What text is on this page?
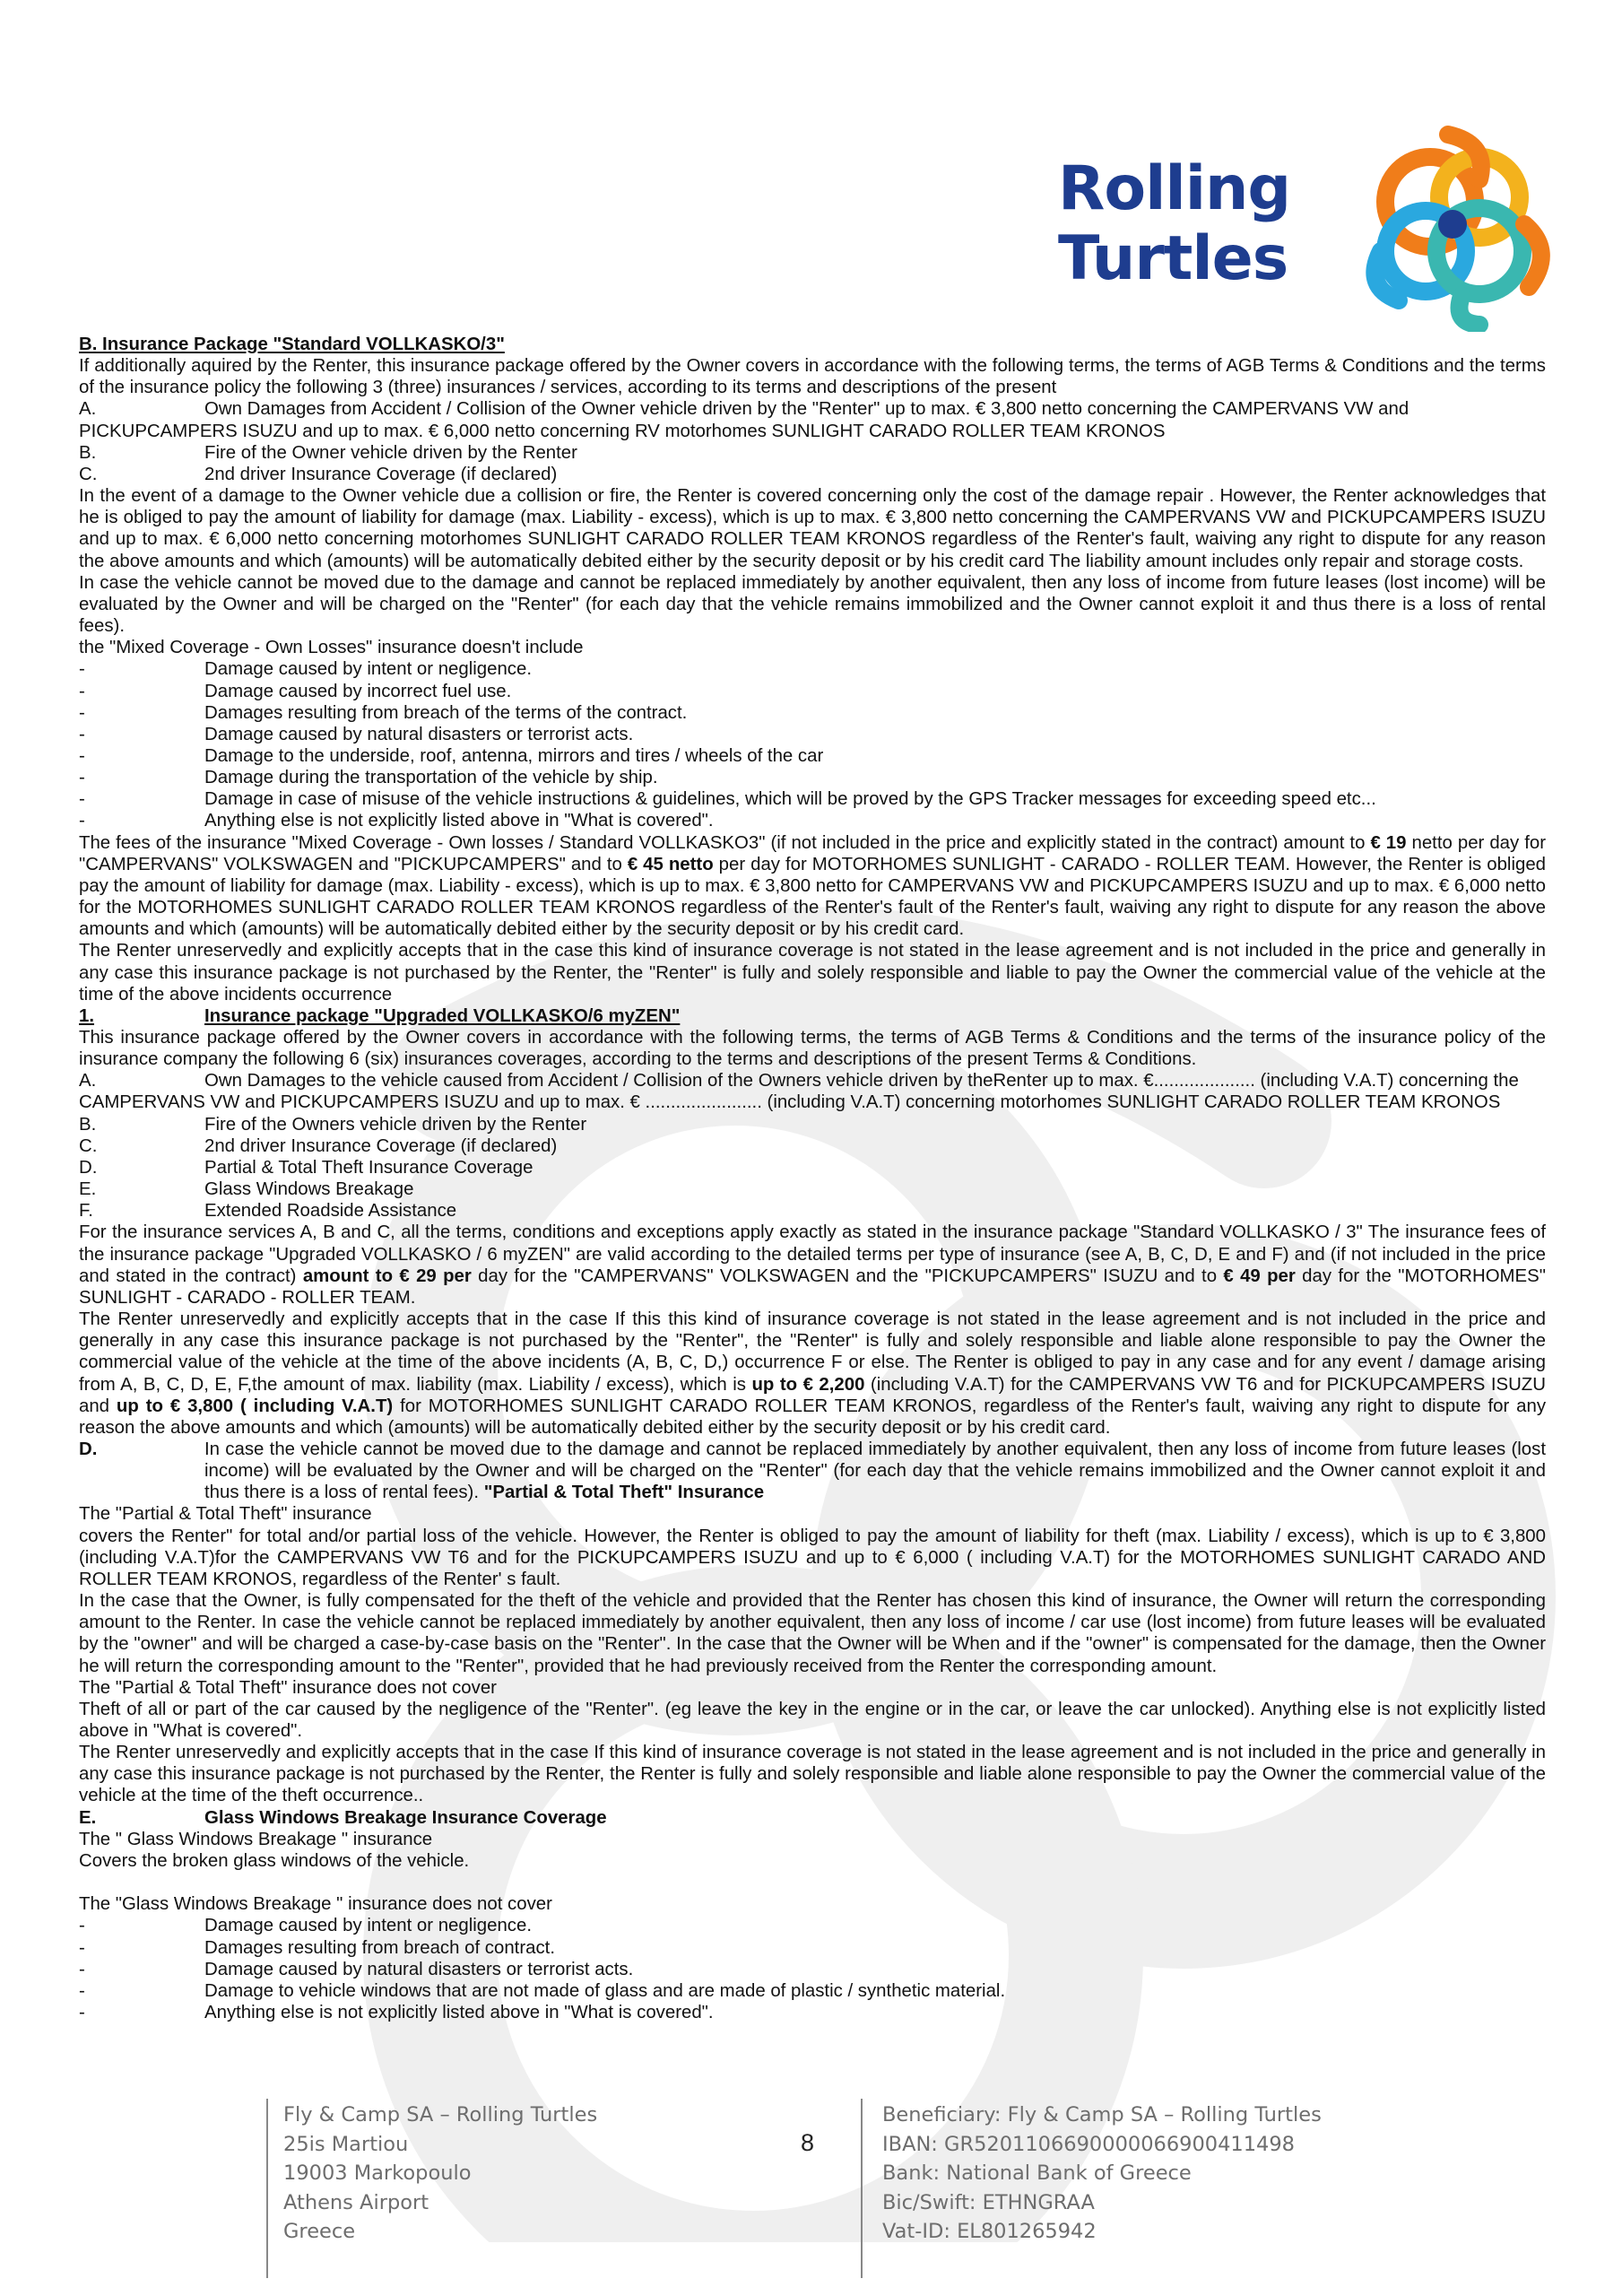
Rolling
Turtles

B. Insurance Package "Standard VOLLKASKO/3"

If additionally aquired by the Renter, this insurance package offered by the Owner covers in accordance with the following terms, the terms of AGB Terms & Conditions and the terms of the insurance policy the following 3 (three) insurances / services, according to its terms and descriptions of the present

A.	Own Damages from Accident / Collision of the Owner vehicle driven by the "Renter" up to max. € 3,800 netto concerning the CAMPERVANS VW and

PICKUPCAMPERS ISUZU and up to max. € 6,000 netto concerning RV motorhomes SUNLIGHT CARADO ROLLER TEAM KRONOS

B.	Fire of the Owner vehicle driven by the Renter
C.	2nd driver Insurance Coverage (if declared)

In the event of a damage to the Owner vehicle due a collision or fire, the Renter is covered concerning only the cost of the damage repair . However, the Renter acknowledges that he is obliged to pay the amount of liability for damage (max. Liability - excess), which is up to max. € 3,800 netto concerning the CAMPERVANS VW and PICKUPCAMPERS ISUZU and up to max. € 6,000 netto concerning motorhomes SUNLIGHT CARADO ROLLER TEAM KRONOS regardless of the Renter's fault, waiving any right to dispute for any reason the above amounts and which (amounts) will be automatically debited either by the security deposit or by his credit card The liability amount includes only repair and storage costs.

In case the vehicle cannot be moved due to the damage and cannot be replaced immediately by another equivalent, then any loss of income from future leases (lost income) will be evaluated by the Owner and will be charged on the "Renter" (for each day that the vehicle remains immobilized and the Owner cannot exploit it and thus there is a loss of rental fees).

the "Mixed Coverage - Own Losses" insurance doesn't include

-	Damage caused by intent or negligence.
-	Damage caused by incorrect fuel use.
-	Damages resulting from breach of the terms of the contract.
-	Damage caused by natural disasters or terrorist acts.
-	Damage to the underside, roof, antenna, mirrors and tires / wheels of the car
-	Damage during the transportation of the vehicle by ship.
-	Damage in case of misuse of the vehicle instructions & guidelines, which will be proved by the GPS Tracker messages for exceeding speed etc...
-	Anything else is not explicitly listed above in "What is covered".

The fees of the insurance "Mixed Coverage - Own losses / Standard VOLLKASKO3" (if not included in the price and explicitly stated in the contract) amount to € 19 netto per day for "CAMPERVANS" VOLKSWAGEN and "PICKUPCAMPERS" and to € 45 netto per day for MOTORHOMES SUNLIGHT - CARADO - ROLLER TEAM. However, the Renter is obliged pay the amount of liability for damage (max. Liability - excess), which is up to max. € 3,800 netto for CAMPERVANS VW and PICKUPCAMPERS ISUZU and up to max. € 6,000 netto for the MOTORHOMES SUNLIGHT CARADO ROLLER TEAM KRONOS regardless of the Renter's fault of the Renter's fault, waiving any right to dispute for any reason the above amounts and which (amounts) will be automatically debited either by the security deposit or by his credit card.

The Renter unreservedly and explicitly accepts that in the case this kind of insurance coverage is not stated in the lease agreement and is not included in the price and generally in any case this insurance package is not purchased by the Renter, the "Renter" is fully and solely responsible and liable to pay the Owner the commercial value of the vehicle at the time of the above incidents occurrence

1.	Insurance package "Upgraded VOLLKASKO/6 myZEN"

This insurance package offered by the Owner covers in accordance with the following terms, the terms of AGB Terms & Conditions and the terms of the insurance policy of the insurance company the following 6 (six) insurances coverages, according to the terms and descriptions of the present Terms & Conditions.

A.	Own Damages to the vehicle caused from Accident / Collision of the Owners vehicle driven by theRenter up to max. €.................... (including V.A.T) concerning the

CAMPERVANS VW and PICKUPCAMPERS ISUZU and up to max. € ....................... (including V.A.T) concerning motorhomes SUNLIGHT CARADO ROLLER TEAM KRONOS

B.	Fire of the Owners vehicle driven by the Renter
C.	2nd driver Insurance Coverage (if declared)
D.	Partial & Total Theft Insurance Coverage
E.	Glass Windows Breakage
F.	Extended Roadside Assistance

For the insurance services A, B and C, all the terms, conditions and exceptions apply exactly as stated in the insurance package "Standard VOLLKASKO / 3" The insurance fees of the insurance package "Upgraded VOLLKASKO / 6 myZEN" are valid according to the detailed terms per type of insurance (see A, B, C, D, E and F) and (if not included in the price and stated in the contract) amount to € 29 per day for the "CAMPERVANS" VOLKSWAGEN and the "PICKUPCAMPERS" ISUZU and to € 49 per day for the "MOTORHOMES" SUNLIGHT - CARADO - ROLLER TEAM.

The Renter unreservedly and explicitly accepts that in the case If this this kind of insurance coverage is not stated in the lease agreement and is not included in the price and generally in any case this insurance package is not purchased by the "Renter", the "Renter" is fully and solely responsible and liable alone responsible to pay the Owner the commercial value of the vehicle at the time of the above incidents (A, B, C, D,) occurrence F or else. The Renter is obliged to pay in any case and for any event / damage arising from A, B, C, D, E, F,the amount of max. liability (max. Liability / excess), which is up to € 2,200 (including V.A.T) for the CAMPERVANS VW T6 and for PICKUPCAMPERS ISUZU and up to € 3,800 ( including V.A.T) for MOTORHOMES SUNLIGHT CARADO ROLLER TEAM KRONOS, regardless of the Renter's fault, waiving any right to dispute for any reason the above amounts and which (amounts) will be automatically debited either by the security deposit or by his credit card.

D.	In case the vehicle cannot be moved due to the damage and cannot be replaced immediately by another equivalent, then any loss of income from future leases (lost income) will be evaluated by the Owner and will be charged on the "Renter" (for each day that the vehicle remains immobilized and the Owner cannot exploit it and thus there is a loss of rental fees). "Partial & Total Theft" Insurance

The "Partial & Total Theft" insurance

covers the Renter" for total and/or partial loss of the vehicle. However, the Renter is obliged to pay the amount of liability for theft (max. Liability / excess), which is up to € 3,800 (including V.A.T)for the CAMPERVANS VW T6 and for the PICKUPCAMPERS ISUZU and up to € 6,000 ( including V.A.T) for the MOTORHOMES SUNLIGHT CARADO AND ROLLER TEAM KRONOS, regardless of the Renter' s fault.

In the case that the Owner, is fully compensated for the theft of the vehicle and provided that the Renter has chosen this kind of insurance, the Owner will return the corresponding amount to the Renter. In case the vehicle cannot be replaced immediately by another equivalent, then any loss of income / car use (lost income) from future leases will be evaluated by the "owner" and will be charged a case-by-case basis on the "Renter". In the case that the Owner will be When and if the "owner" is compensated for the damage, then the Owner he will return the corresponding amount to the "Renter", provided that he had previously received from the Renter the corresponding amount.

The "Partial & Total Theft" insurance does not cover

Theft of all or part of the car caused by the negligence of the "Renter". (eg leave the key in the engine or in the car, or leave the car unlocked). Anything else is not explicitly listed above in "What is covered".

The Renter unreservedly and explicitly accepts that in the case If this kind of insurance coverage is not stated in the lease agreement and is not included in the price and generally in any case this insurance package is not purchased by the Renter, the Renter is fully and solely responsible and liable alone responsible to pay the Owner the commercial value of the vehicle at the time of the theft occurrence..

E.	Glass Windows Breakage Insurance Coverage

The " Glass Windows Breakage " insurance

Covers the broken glass windows of the vehicle.

The "Glass Windows Breakage " insurance does not cover

-	Damage caused by intent or negligence.
-	Damages resulting from breach of contract.
-	Damage caused by natural disasters or terrorist acts.
-	Damage to vehicle windows that are not made of glass and are made of plastic / synthetic material.
-	Anything else is not explicitly listed above in "What is covered".
Fly & Camp SA – Rolling Turtles
25is Martiou
19003 Markopoulo
Athens Airport
Greece
8
Beneficiary: Fly & Camp SA – Rolling Turtles
IBAN: GR5201106690000066900411498
Bank: National Bank of Greece
Bic/Swift: ETHNGRAA
Vat-ID: EL801265942
